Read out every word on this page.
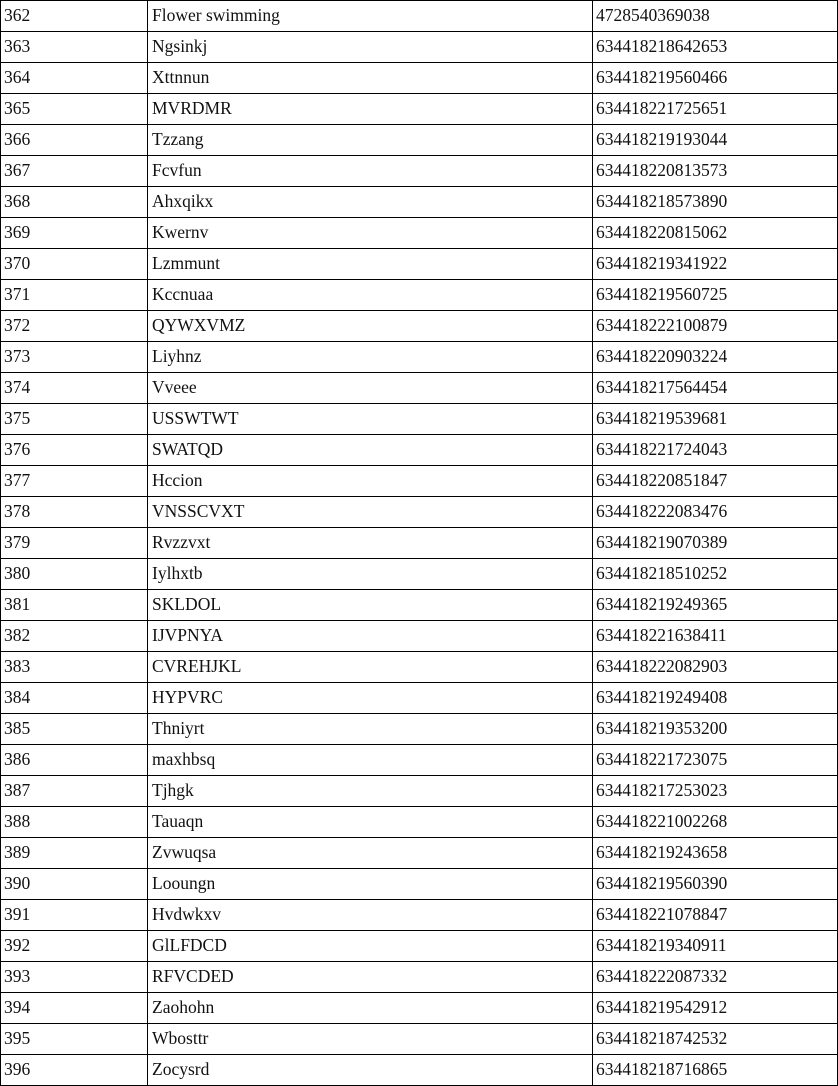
362	Flower swimming	4728540369038
363	Ngsinkj	634418218642653
364	Xttnnun	634418219560466
365	MVRDMR	634418221725651
366	Tzzang	634418219193044
367	Fcvfun	634418220813573
368	Ahxqikx	634418218573890
369	Kwernv	634418220815062
370	Lzmmunt	634418219341922
371	Kccnuaa	634418219560725
372	QYWXVMZ	634418222100879
373	Liyhnz	634418220903224
374	Vveee	634418217564454
375	USSWTWT	634418219539681
376	SWATQD	634418221724043
377	Hccion	634418220851847
378	VNSSCVXT	634418222083476
379	Rvzzvxt	634418219070389
380	Iylhxtb	634418218510252
381	SKLDOL	634418219249365
382	IJVPNYA	634418221638411
383	CVREHJKL	634418222082903
384	HYPVRC	634418219249408
385	Thniyrt	634418219353200
386	maxhbsq	634418221723075
387	Tjhgk	634418217253023
388	Tauaqn	634418221002268
389	Zvwuqsa	634418219243658
390	Looungn	634418219560390
391	Hvdwkxv	634418221078847
392	GlLFDCD	634418219340911
393	RFVCDED	634418222087332
394	Zaohohn	634418219542912
395	Wbosttr	634418218742532
396	Zocysrd	634418218716865
